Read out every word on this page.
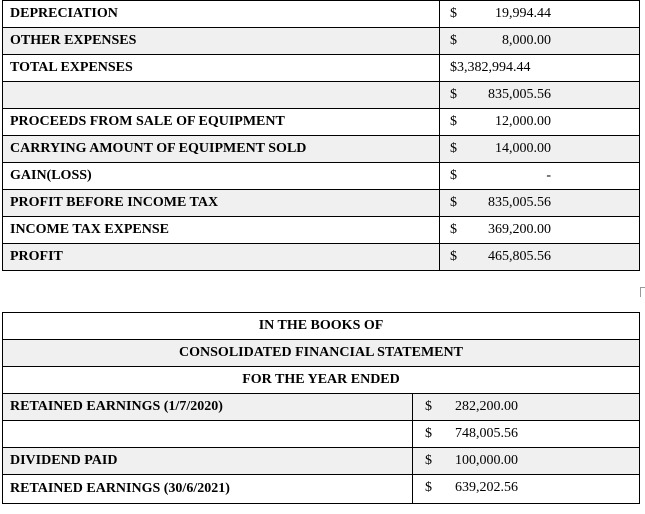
DEPRECIATION	$ 19,994.44

OTHER EXPENSES	$ 8,000.00

TOTAL EXPENSES	$ 3,382,994.44

	$ 835,005.56

PROCEEDS FROM SALE OF EQUIPMENT	$ 12,000.00

CARRYING AMOUNT OF EQUIPMENT SOLD	$ 14,000.00

GAIN(LOSS)	$ -

PROFIT BEFORE INCOME TAX	$ 835,005.56

INCOME TAX EXPENSE	$ 369,200.00

PROFIT	$ 465,805.56
IN THE BOOKS OF	
CONSOLIDATED FINANCIAL STATEMENT	
FOR THE YEAR ENDED	
RETAINED EARNINGS (1/7/2020)	$ 282,200.00

	$ 748,005.56

DIVIDEND PAID	$ 100,000.00

RETAINED EARNINGS (30/6/2021)	$ 639,202.56
